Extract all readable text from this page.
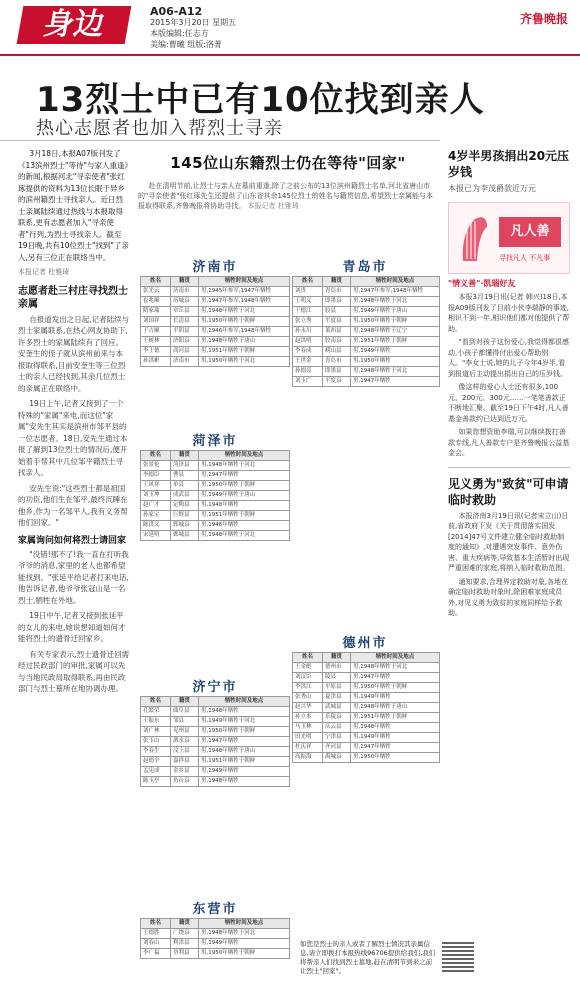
身边	A06-A12
2015年3月20日 星期五
本版编辑:任志方
美编:曹曦 组版:洛菁
齐鲁晚报
13烈士中已有10位找到亲人
热心志愿者也加入帮烈士寻亲

3月18日,本报A07版刊发了《13滨州烈士"等待"与家人重逢》的新闻,根据河北"寻亲使者"张红琢提供的资料为13位长眠于异乡的滨州籍烈士寻找亲人。近日烈士亲属陆续通过热线与本报取得联系,更有志愿者加入"寻亲使者"行列,为烈士寻找亲人。截至19日晚,共有10位烈士"找到"了亲人,另有三位正在联络当中。

本报记者 杜雅琦
志愿者赴三村庄寻找烈士亲属

自报道发出之日起,记者陆续与烈士家属联系,在热心网友协助下,许多烈士的家属陆续有了回应。安奎生的侄子就从滨州前来与本报取得联系,目前安奎生等三位烈士的亲人已经找到,其余几位烈士的亲属正在联络中。

19日上午,记者又接到了一个特殊的"家属"来电,而这位"家属"安先生其实是滨州市邹平县的一位志愿者。18日,安先生通过本报了解到13位烈士的情况后,便开始着手帮其中几位邹平籍烈士寻找亲人。

安先生说:"这些烈士都是祖国的功臣,他们生在邹平,最终沉睡在他乡,作为一名邹平人,我有义务帮他们回家。"

家属询问如何将烈士请回家

"没错!那不了!我一直在打听我爷爷的消息,家里的老人也都希望能找到。"张延平给记者打来电话,他告诉记者,他爷爷张冠山是一名烈士,牺牲在外地。

19日中午,记者又接到张延平的女儿的来电,她说想知道如何才能将烈士的遗骨迁回家乡。

有关专家表示,烈士遗骨迁回需经过民政部门的审批,家属可以先与当地民政局取得联系,再由民政部门与烈士墓所在地协调办理。

145位山东籍烈士仍在等待"回家"
赴在清明节前,让烈士与亲人在墓前重逢,除了之前公布的13位滨州籍烈士名单,河北省唐山市的"寻亲使者"张红琢先生还提供了山东省其余145位烈士的姓名与籍贯信息,希望烈士亲属能与本报取得联系,齐鲁晚报将协助寻找。 本报记者 杜雅琦
济南市
姓名	籍贯	牺牲时间及地点
张光云	济南市	男,1945年参军,1947年牺牲
崔兆顺	历城县	男,1947年参军,1948年牺牲
隋家瑞	章丘县	男,1948年牺牲于河北
刘国祥	长清县	男,1950年牺牲于朝鲜
于吉顺	平阴县	男,1946年参军,1948年牺牲
王树林	济阳县	男,1948年牺牲于唐山
李士德	商河县	男,1951年牺牲于朝鲜
孙洪彬	济南市	男,1950年牺牲于河北
青岛市
姓名	籍贯	牺牲时间及地点
刘贵	青岛市	男,1947年参军,1948年牺牲
王明义	即墨县	男,1948年牺牲于河北
于德江	胶县	男,1949年牺牲于唐山
张立秀	平度县	男,1950年牺牲于朝鲜
孙永川	莱西县	男,1948年牺牲于辽宁
赵洪明	胶南县	男,1951年牺牲于朝鲜
李春成	崂山县	男,1949年牺牲
王世金	青岛市	男,1950年牺牲
孙德亮	即墨县	男,1948年牺牲于河北
刘玉广	平度县	男,1947年牺牲
菏泽市
姓名	籍贯	牺牲时间及地点
张景伦	菏泽县	男,1948年牺牲于河北
李德臣	曹县	男,1947年牺牲
王风祥	单县	男,1950年牺牲于朝鲜
刘玉坤	成武县	男,1949年牺牲于唐山
赵广才	定陶县	男,1948年牺牲
孙家宝	巨野县	男,1951年牺牲于朝鲜
陈洪义	郓城县	男,1946年牺牲
宋延明	鄄城县	男,1948年牺牲于河北
济宁市
姓名	籍贯	牺牲时间及地点
孔繁荣	曲阜县	男,1948年牺牲
王振东	邹县	男,1949年牺牲于河北
刘广林	兖州县	男,1950年牺牲于朝鲜
张玉山	泗水县	男,1947年牺牲
李春生	汶上县	男,1948年牺牲于唐山
赵德全	嘉祥县	男,1951年牺牲于朝鲜
孟宪成	金乡县	男,1949年牺牲
陈玉亭	鱼台县	男,1948年牺牲
德州市
姓名	籍贯	牺牲时间及地点
王金彪	德州市	男,1948年牺牲于河北
刘汉臣	陵县	男,1947年牺牲
李洪江	平原县	男,1950年牺牲于朝鲜
张秀山	夏津县	男,1949年牺牲
赵兴华	武城县	男,1948年牺牲于唐山
孙立本	乐陵县	男,1951年牺牲于朝鲜
马玉林	庆云县	男,1948年牺牲
田光明	宁津县	男,1949年牺牲
杜庆祥	齐河县	男,1947年牺牲
高振海	禹城县	男,1950年牺牲
东营市
姓名	籍贯	牺牲时间及地点
王德胜	广饶县	男,1948年牺牲于河北
刘春山	利津县	男,1949年牺牲
李广福	垦利县	男,1950年牺牲于朝鲜
如您是烈士的亲人或者了解烈士情况其亲属信息,请立即拨打本报热线96706提供给我们,我们将帮亲人们找到烈士墓地,赶在清明节到来之前让烈士"回家"。
4岁半男孩捐出20元压岁钱
本报已为李茂爵款近万元
凡人善
寻找凡人 不凡事
"情义善"·凯瑞好友

本报3月19日讯(记者 韩兴)18日,本报A09版刊发了目前小伙李瑞静的事迹,相识不到一年,相识他们都对他提供了帮助。

"看到对孩子这份爱心,我觉得都很感动,小孩子都懂得付出爱心帮助别人。"李女士说,她的儿子今年4岁半,看到报道后主动提出捐出自己的压岁钱。

像这样的爱心人士还有很多,100元、200元、300元……一笔笔善款正不断地汇聚。截至19日下午4时,凡人善基金善款约已达到近万元。

如果您想资助李瑞,可以继续拨打善款专线,凡人善款专户是齐鲁晚报公益基金会。

见义勇为"致贫"可申请临时救助

本报济南3月19日讯(记者宋立山)日前,省政府下发《关于贯彻落实国发[2014]47号文件建立健全临时救助制度的通知》,对遭遇突发事件、意外伤害、重大疾病等,导致基本生活暂时出现严重困难的家庭,将纳入临时救助范围。

通知要求,合理界定救助对象,各地在确定临时救助对象时,除困难家庭成员外,对见义勇为致贫的家庭同样给予救助。
